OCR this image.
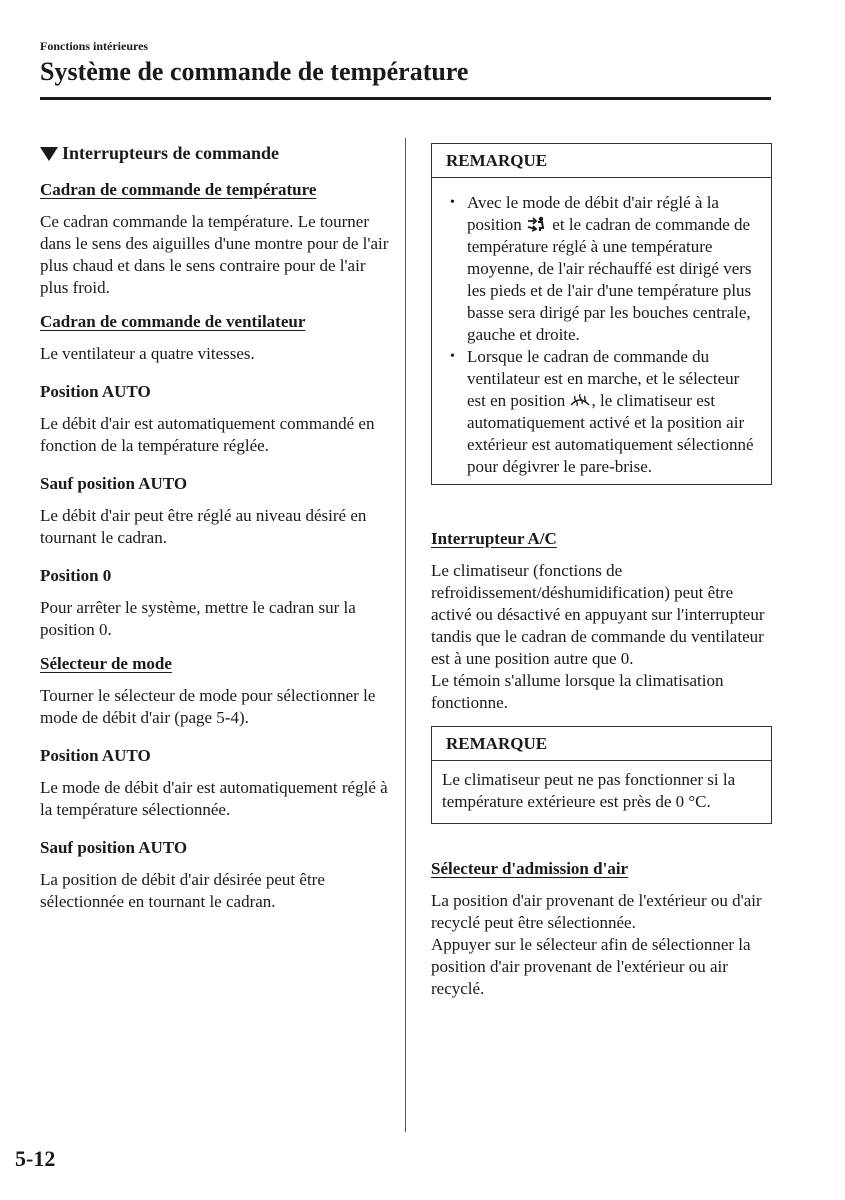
Fonctions intérieures
Système de commande de température
Interrupteurs de commande
Cadran de commande de température

Ce cadran commande la température. Le tourner dans le sens des aiguilles d'une montre pour de l'air plus chaud et dans le sens contraire pour de l'air plus froid.

Cadran de commande de ventilateur

Le ventilateur a quatre vitesses.

Position AUTO

Le débit d'air est automatiquement commandé en fonction de la température réglée.

Sauf position AUTO

Le débit d'air peut être réglé au niveau désiré en tournant le cadran.

Position 0

Pour arrêter le système, mettre le cadran sur la position 0.

Sélecteur de mode

Tourner le sélecteur de mode pour sélectionner le mode de débit d'air (page 5-4).

Position AUTO

Le mode de débit d'air est automatiquement réglé à la température sélectionnée.

Sauf position AUTO

La position de débit d'air désirée peut être sélectionnée en tournant le cadran.

REMARQUE
• Avec le mode de débit d'air réglé à la position et le cadran de commande de température réglé à une température moyenne, de l'air réchauffé est dirigé vers les pieds et de l'air d'une température plus basse sera dirigé par les bouches centrale, gauche et droite.
• Lorsque le cadran de commande du ventilateur est en marche, et le sélecteur est en position , le climatiseur est automatiquement activé et la position air extérieur est automatiquement sélectionné pour dégivrer le pare-brise.
Interrupteur A/C

Le climatiseur (fonctions de refroidissement/déshumidification) peut être activé ou désactivé en appuyant sur l'interrupteur tandis que le cadran de commande du ventilateur est à une position autre que 0.

Le témoin s'allume lorsque la climatisation fonctionne.

REMARQUE

Le climatiseur peut ne pas fonctionner si la température extérieure est près de 0 °C.

Sélecteur d'admission d'air

La position d'air provenant de l'extérieur ou d'air recyclé peut être sélectionnée.

Appuyer sur le sélecteur afin de sélectionner la position d'air provenant de l'extérieur ou air recyclé.

5-12
